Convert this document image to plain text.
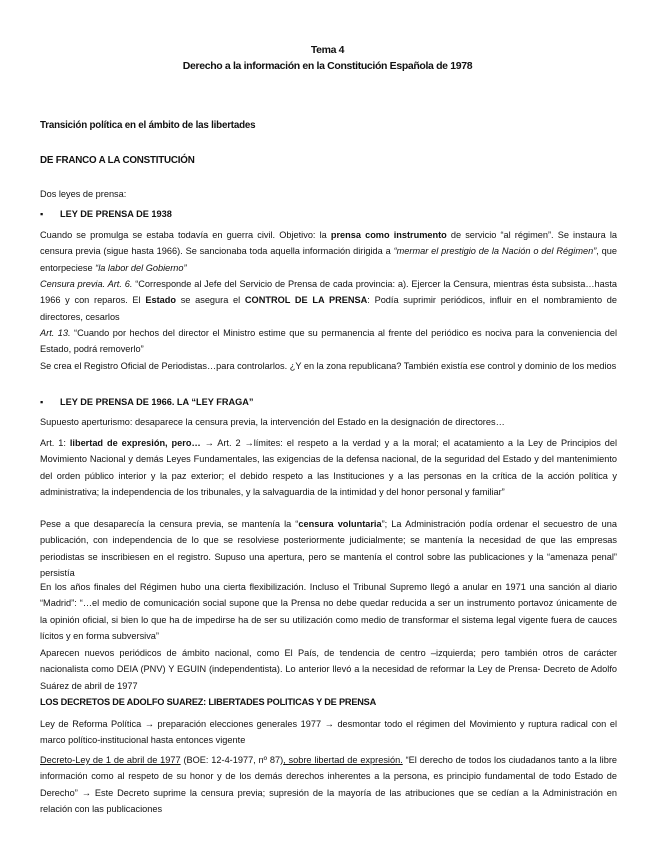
Tema 4
Derecho a la información en la Constitución Española de 1978
Transición política en el ámbito de las libertades
DE FRANCO A LA CONSTITUCIÓN
Dos leyes de prensa:
▪ LEY DE PRENSA DE 1938
Cuando se promulga se estaba todavía en guerra civil. Objetivo: la prensa como instrumento de servicio “al régimen”. Se instaura la censura previa (sigue hasta 1966). Se sancionaba toda aquella información dirigida a “mermar el prestigio de la Nación o del Régimen”, que entorpeciese “la labor del Gobierno”
Censura previa. Art. 6. “Corresponde al Jefe del Servicio de Prensa de cada provincia: a). Ejercer la Censura, mientras ésta subsista…hasta 1966 y con reparos. El Estado se asegura el CONTROL DE LA PRENSA: Podía suprimir periódicos, influir en el nombramiento de directores, cesarlos
Art. 13. “Cuando por hechos del director el Ministro estime que su permanencia al frente del periódico es nociva para la conveniencia del Estado, podrá removerlo”
Se crea el Registro Oficial de Periodistas…para controlarlos. ¿Y en la zona republicana? También existía ese control y dominio de los medios
▪ LEY DE PRENSA DE 1966. LA “LEY FRAGA”
Supuesto aperturismo: desaparece la censura previa, la intervención del Estado en la designación de directores…
Art. 1: libertad de expresión, pero… → Art. 2 →límites: el respeto a la verdad y a la moral; el acatamiento a la Ley de Principios del Movimiento Nacional y demás Leyes Fundamentales, las exigencias de la defensa nacional, de la seguridad del Estado y del mantenimiento del orden público interior y la paz exterior; el debido respeto a las Instituciones y a las personas en la crítica de la acción política y administrativa; la independencia de los tribunales, y la salvaguardia de la intimidad y del honor personal y familiar”
Pese a que desaparecía la censura previa, se mantenía la “censura voluntaria”; La Administración podía ordenar el secuestro de una publicación, con independencia de lo que se resolviese posteriormente judicialmente; se mantenía la necesidad de que las empresas periodistas se inscribiesen en el registro. Supuso una apertura, pero se mantenía el control sobre las publicaciones y la “amenaza penal” persistía
En los años finales del Régimen hubo una cierta flexibilización. Incluso el Tribunal Supremo llegó a anular en 1971 una sanción al diario “Madrid”: “…el medio de comunicación social supone que la Prensa no debe quedar reducida a ser un instrumento portavoz únicamente de la opinión oficial, si bien lo que ha de impedirse ha de ser su utilización como medio de transformar el sistema legal vigente fuera de cauces lícitos y en forma subversiva”
Aparecen nuevos periódicos de ámbito nacional, como El País, de tendencia de centro –izquierda; pero también otros de carácter nacionalista como DEIA (PNV) Y EGUIN (independentista). Lo anterior llevó a la necesidad de reformar la Ley de Prensa- Decreto de Adolfo Suárez de abril de 1977
LOS DECRETOS DE ADOLFO SUAREZ: LIBERTADES POLITICAS Y DE PRENSA
Ley de Reforma Política → preparación elecciones generales 1977 → desmontar todo el régimen del Movimiento y ruptura radical con el marco político-institucional hasta entonces vigente
Decreto-Ley de 1 de abril de 1977 (BOE: 12-4-1977, nº 87), sobre libertad de expresión. “El derecho de todos los ciudadanos tanto a la libre información como al respeto de su honor y de los demás derechos inherentes a la persona, es principio fundamental de todo Estado de Derecho” → Este Decreto suprime la censura previa; supresión de la mayoría de las atribuciones que se cedían a la Administración en relación con las publicaciones
